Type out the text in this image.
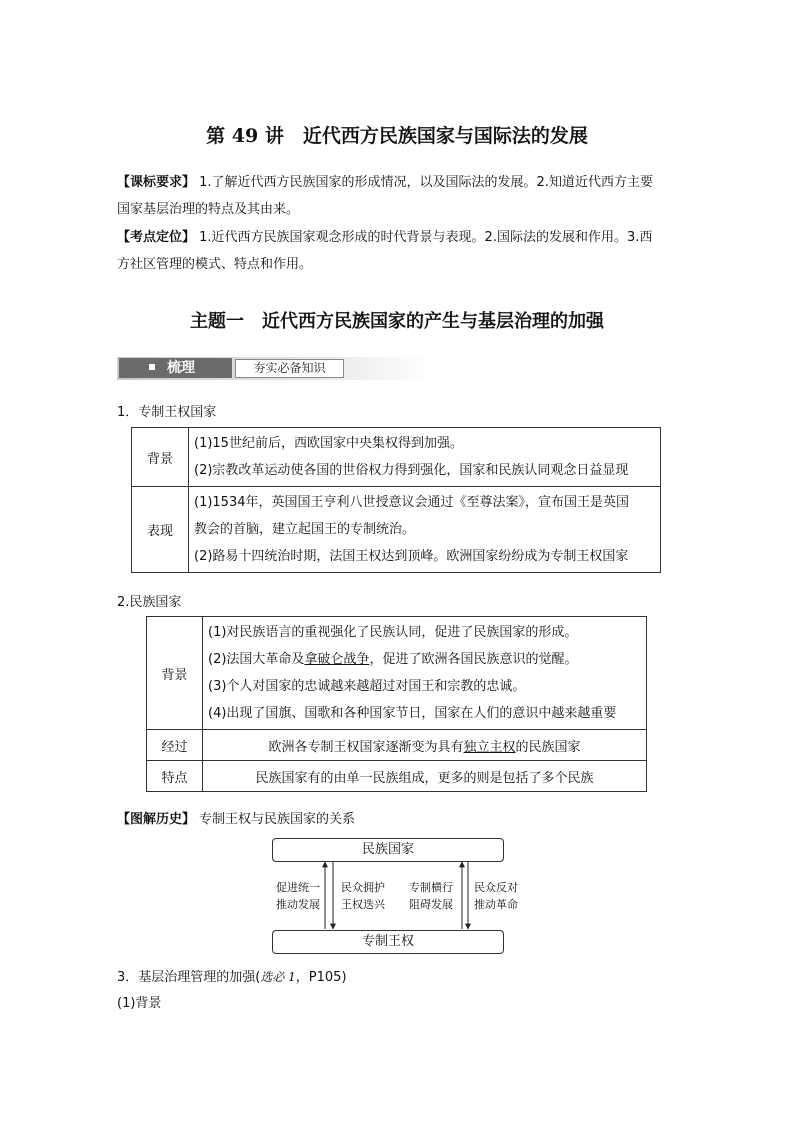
第 49 讲　近代西方民族国家与国际法的发展
【课标要求】 1.了解近代西方民族国家的形成情况，以及国际法的发展。2.知道近代西方主要
国家基层治理的特点及其由来。
【考点定位】 1.近代西方民族国家观念形成的时代背景与表现。2.国际法的发展和作用。3.西
方社区管理的模式、特点和作用。
主题一　近代西方民族国家的产生与基层治理的加强
梳理	夯实必备知识
1．专制王权国家
背景	(1)15世纪前后，西欧国家中央集权得到加强。
(2)宗教改革运动使各国的世俗权力得到强化，国家和民族认同观念日益显现

表现	(1)1534年，英国国王亨利八世授意议会通过《至尊法案》，宣布国王是英国
教会的首脑，建立起国王的专制统治。
(2)路易十四统治时期，法国王权达到顶峰。欧洲国家纷纷成为专制王权国家
2.民族国家
背景	(1)对民族语言的重视强化了民族认同，促进了民族国家的形成。
(2)法国大革命及拿破仑战争，促进了欧洲各国民族意识的觉醒。
(3)个人对国家的忠诚越来越超过对国王和宗教的忠诚。
(4)出现了国旗、国歌和各种国家节日，国家在人们的意识中越来越重要

经过	欧洲各专制王权国家逐渐变为具有独立主权的民族国家
特点	民族国家有的由单一民族组成，更多的则是包括了多个民族
【图解历史】 专制王权与民族国家的关系
民族国家
专制王权
促进统一
推动发展
民众拥护
王权迭兴
专制横行
阻碍发展
民众反对
推动革命
3．基层治理管理的加强(选必 1，P105)
(1)背景
